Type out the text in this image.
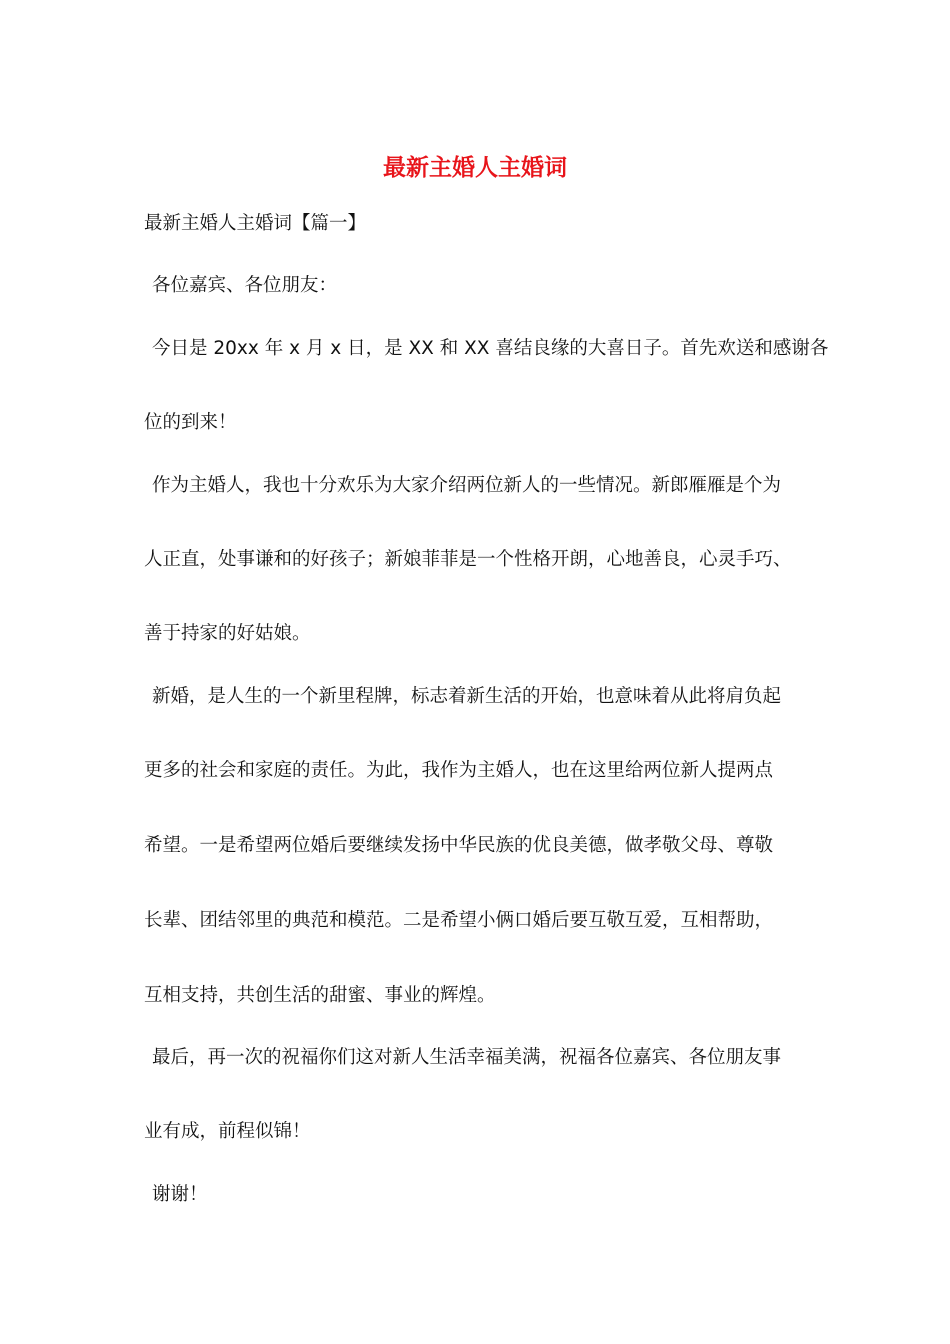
最新主婚人主婚词
最新主婚人主婚词【篇一】
各位嘉宾、各位朋友：
今日是 20xx 年 x 月 x 日，是 XX 和 XX 喜结良缘的大喜日子。首先欢送和感谢各
位的到来！
作为主婚人，我也十分欢乐为大家介绍两位新人的一些情况。新郎雁雁是个为
人正直，处事谦和的好孩子；新娘菲菲是一个性格开朗，心地善良，心灵手巧、
善于持家的好姑娘。
新婚，是人生的一个新里程牌，标志着新生活的开始，也意味着从此将肩负起
更多的社会和家庭的责任。为此，我作为主婚人，也在这里给两位新人提两点
希望。一是希望两位婚后要继续发扬中华民族的优良美德，做孝敬父母、尊敬
长辈、团结邻里的典范和模范。二是希望小俩口婚后要互敬互爱，互相帮助，
互相支持，共创生活的甜蜜、事业的辉煌。
最后，再一次的祝福你们这对新人生活幸福美满，祝福各位嘉宾、各位朋友事
业有成，前程似锦！
谢谢！
